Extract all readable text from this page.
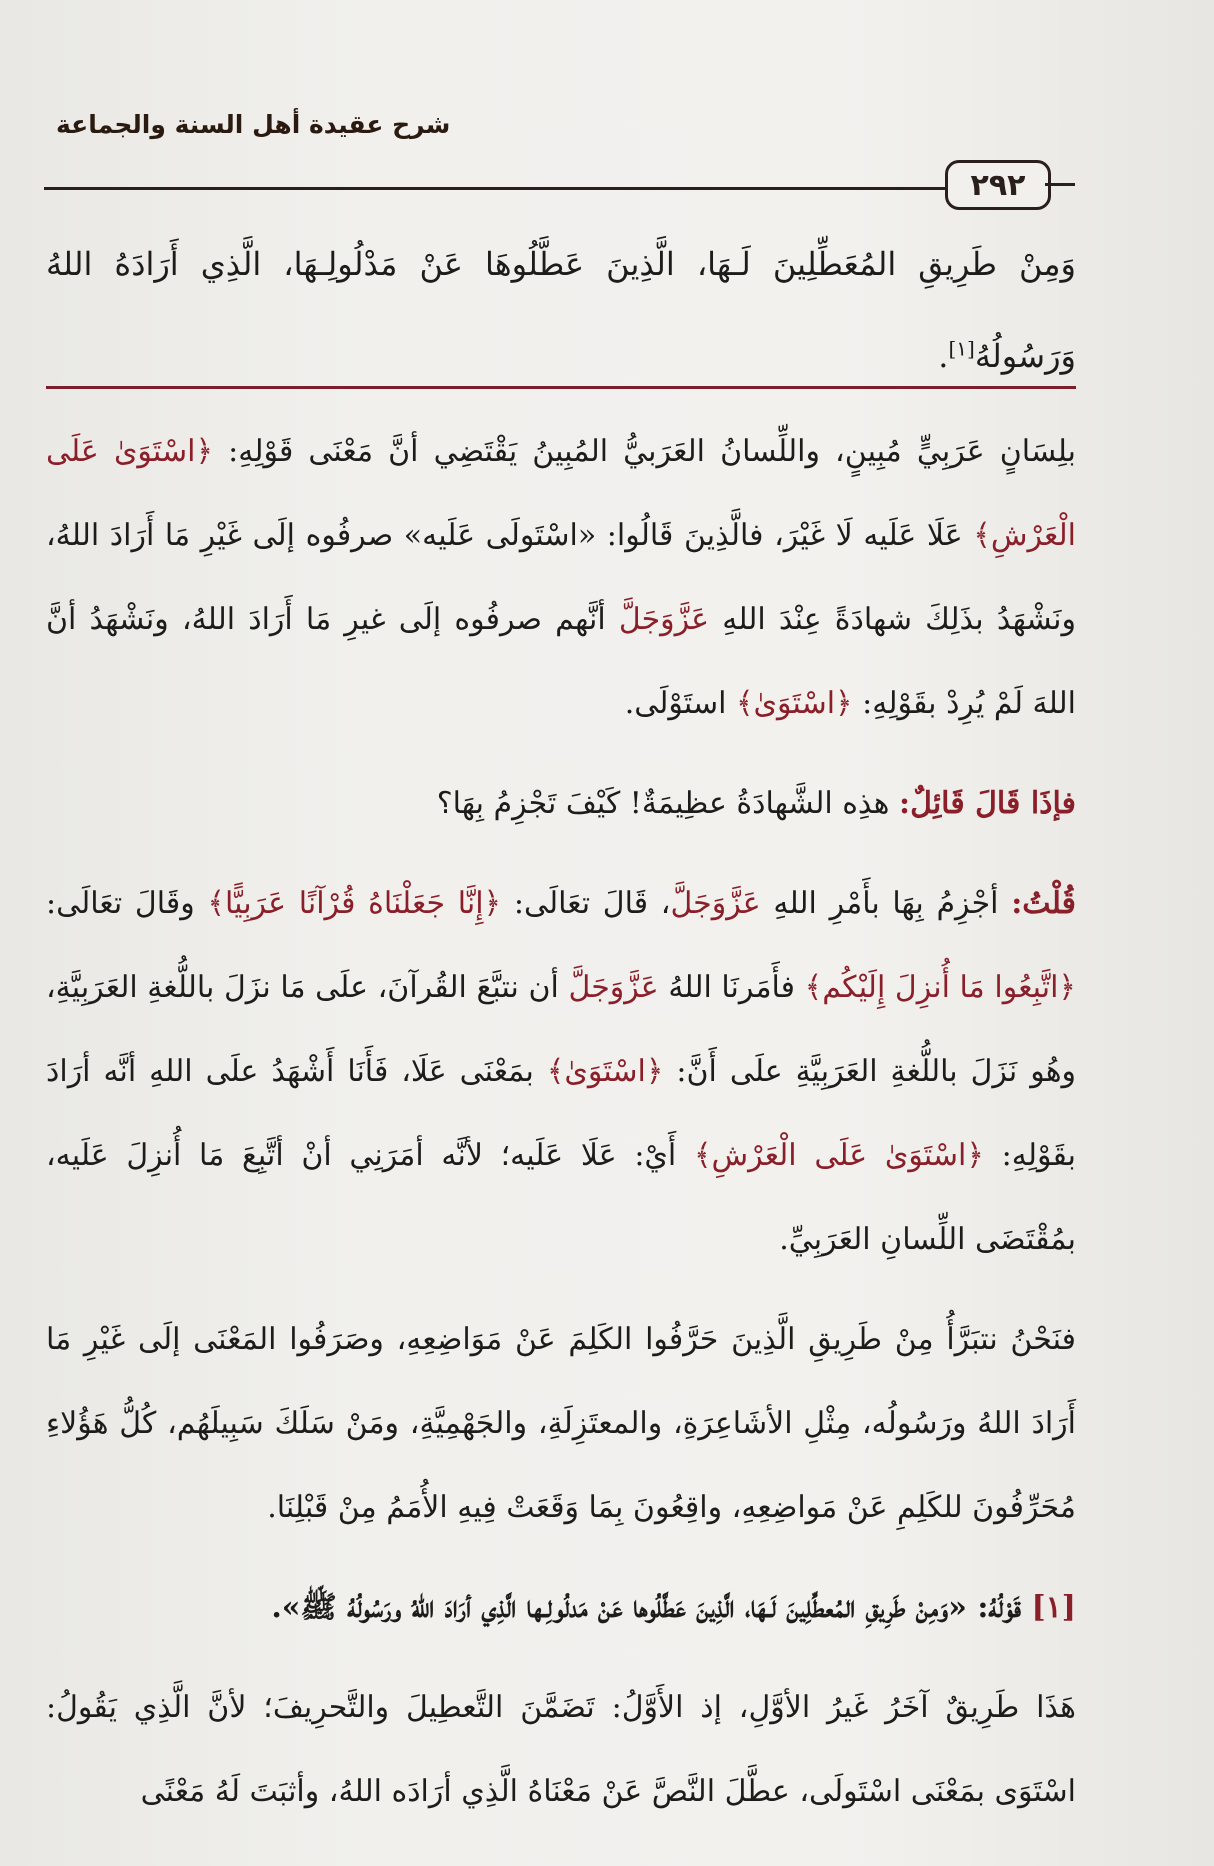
شرح عقيدة أهل السنة والجماعة
٢٩٢
وَمِنْ طَرِيقِ المُعَطِّلِينَ لَـهَا، الَّذِينَ عَطَّلُوهَا عَنْ مَدْلُولِـهَا، الَّذِي أَرَادَهُ اللهُ وَرَسُولُهُ[١].

بلِسَانٍ عَرَبِيٍّ مُبِينٍ، واللِّسانُ العَرَبيُّ المُبِينُ يَقْتَضِي أنَّ مَعْنَى قَوْلِهِ: ﴿اسْتَوَىٰ عَلَى الْعَرْشِ﴾ عَلَا عَلَيه لَا غَيْرَ، فالَّذِينَ قَالُوا: «اسْتَولَى عَلَيه» صرفُوه إلَى غَيْرِ مَا أَرَادَ اللهُ، ونَشْهَدُ بذَلِكَ شهادَةً عِنْدَ اللهِ عَزَّوَجَلَّ أنَّهم صرفُوه إلَى غيرِ مَا أَرَادَ اللهُ، ونَشْهَدُ أنَّ اللهَ لَمْ يُرِدْ بقَوْلِهِ: ﴿اسْتَوَىٰ﴾ استَوْلَى.

فإذَا قَالَ قَائِلٌ: هذِه الشَّهادَةُ عظِيمَةٌ! كَيْفَ تَجْزِمُ بِهَا؟

قُلْتُ: أجْزِمُ بِهَا بأَمْرِ اللهِ عَزَّوَجَلَّ، قَالَ تعَالَى: ﴿إِنَّا جَعَلْنَاهُ قُرْآنًا عَرَبِيًّا﴾ وقَالَ تعَالَى: ﴿اتَّبِعُوا مَا أُنزِلَ إِلَيْكُم﴾ فأَمَرنَا اللهُ عَزَّوَجَلَّ أن نتبَّعَ القُرآنَ، علَى مَا نزَلَ باللُّغةِ العَرَبِيَّةِ، وهُو نَزَلَ باللُّغةِ العَرَبِيَّةِ علَى أَنَّ: ﴿اسْتَوَىٰ﴾ بمَعْنَى عَلَا، فَأَنَا أَشْهَدُ علَى اللهِ أنَّه أرَادَ بقَوْلِهِ: ﴿اسْتَوَىٰ عَلَى الْعَرْشِ﴾ أَيْ: عَلَا عَلَيه؛ لأنَّه أمَرَنِي أنْ أتَّبِعَ مَا أُنزِلَ عَلَيه، بمُقْتَضَى اللِّسانِ العَرَبِيِّ.

فنَحْنُ نتبَرَّأُ مِنْ طَرِيقِ الَّذِينَ حَرَّفُوا الكَلِمَ عَنْ مَوَاضِعِهِ، وصَرَفُوا المَعْنَى إلَى غَيْرِ مَا أَرَادَ اللهُ ورَسُولُه، مِثْلِ الأشَاعِرَةِ، والمعتَزِلَةِ، والجَهْمِيَّةِ، ومَنْ سَلَكَ سَبِيلَهُم، كُلُّ هَؤُلاءِ مُحَرِّفُونَ للكَلِمِ عَنْ مَواضِعِهِ، واقِعُونَ بِمَا وَقَعَتْ فِيهِ الأُمَمُ مِنْ قَبْلِنَا.

[١] قَوْلُهُ: «وَمِنْ طَرِيقِ المُعطِّلِينَ لَـهَا، الَّذِينَ عَطَّلُوها عَنْ مَدلُولِـها الَّذِي أرَادَ اللهُ ورَسُولُهُ ﷺ».

هَذَا طَرِيقٌ آخَرُ غَيرُ الأوَّلِ، إذ الأَوَّلُ: تَضَمَّنَ التَّعطِيلَ والتَّحرِيفَ؛ لأنَّ الَّذِي يَقُولُ: اسْتَوَى بمَعْنَى اسْتَولَى، عطَّلَ النَّصَّ عَنْ مَعْنَاهُ الَّذِي أرَادَه اللهُ، وأثبَتَ لَهُ مَعْنًى
